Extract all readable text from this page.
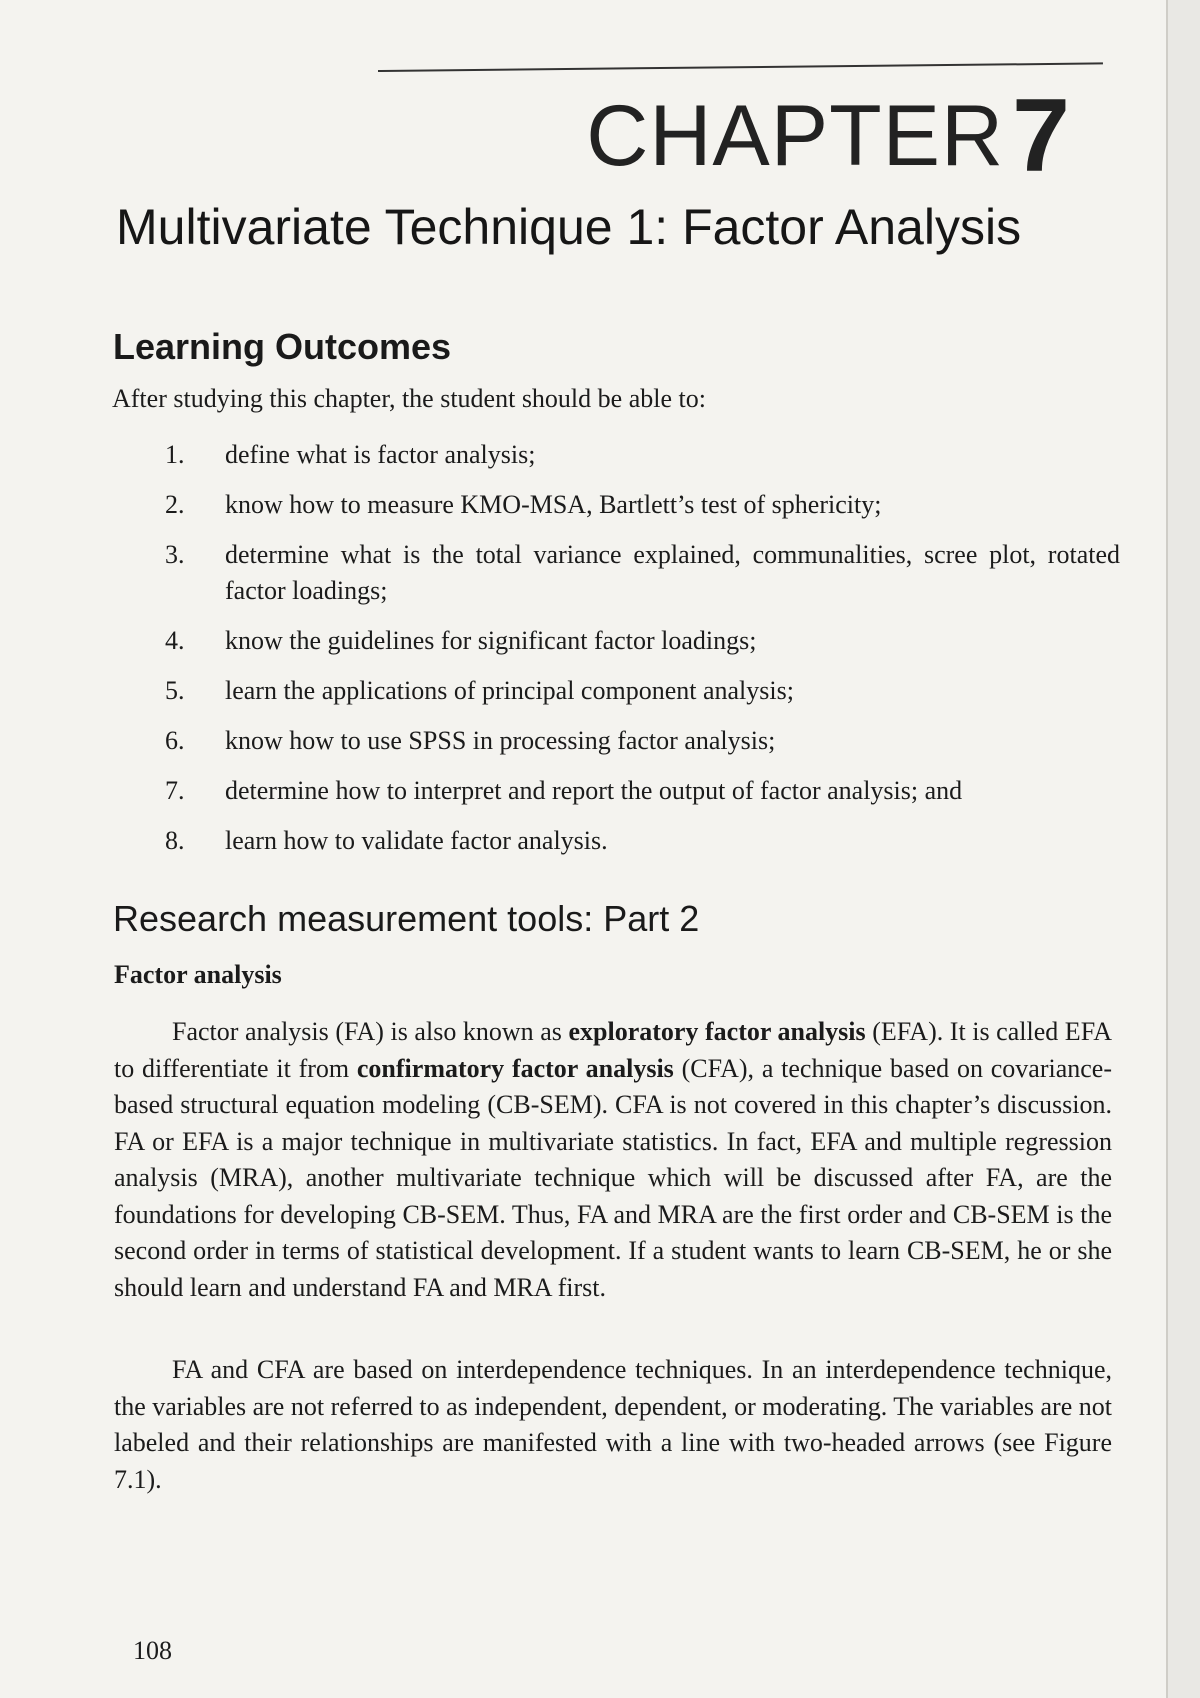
CHAPTER7
Multivariate Technique 1: Factor Analysis
Learning Outcomes
After studying this chapter, the student should be able to:
1.	define what is factor analysis;
2.	know how to measure KMO-MSA, Bartlett’s test of sphericity;
3.	determine what is the total variance explained, communalities, scree plot, rotated factor loadings;
4.	know the guidelines for significant factor loadings;
5.	learn the applications of principal component analysis;
6.	know how to use SPSS in processing factor analysis;
7.	determine how to interpret and report the output of factor analysis; and
8.	learn how to validate factor analysis.
Research measurement tools: Part 2
Factor analysis

Factor analysis (FA) is also known as exploratory factor analysis (EFA). It is called EFA to differentiate it from confirmatory factor analysis (CFA), a technique based on covariance-based structural equation modeling (CB-SEM). CFA is not covered in this chapter’s discussion. FA or EFA is a major technique in multivariate statistics. In fact, EFA and multiple regression analysis (MRA), another multivariate technique which will be discussed after FA, are the foundations for developing CB-SEM. Thus, FA and MRA are the first order and CB-SEM is the second order in terms of statistical development. If a student wants to learn CB-SEM, he or she should learn and understand FA and MRA first.

FA and CFA are based on interdependence techniques. In an interdependence technique, the variables are not referred to as independent, dependent, or moderating. The variables are not labeled and their relationships are manifested with a line with two-headed arrows (see Figure 7.1).

108
